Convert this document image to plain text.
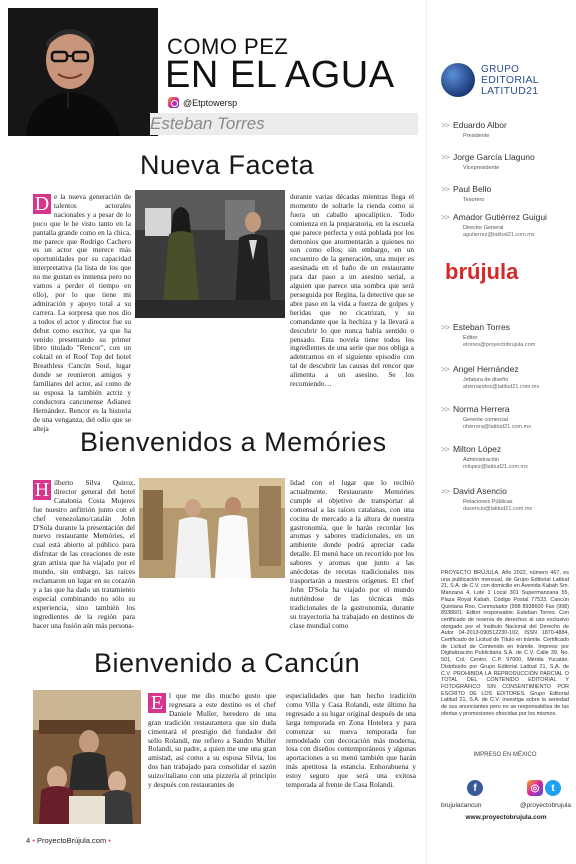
COMO PEZ
EN EL AGUA
@Etptowersp
Esteban Torres
Nueva Faceta
D e la nueva generación de talentos actorales nacionales y a pesar de lo poco que le he visto tanto en la pantalla grande como en la chica, me parece que Rodrigo Cachero es un actor que merece más oportunidades por su capacidad interpretativa (la lista de los que no me gustan es inmensa pero no vamos a perder el tiempo en ello), por lo que tiene mi admiración y apoyo total a su carrera. La sorpresa que nos dio a todos el actor y director fue su debut como escritor, ya que ha venido presentando su primer libro titulado "Rencor", con un coktail en el Roof Top del hotel Breathless Cancún Soul, lugar donde se reunieron amigos y familiares del actor, así como de su esposa la también actriz y conductora cancunense Adianez Hernández. Rencor es la historia de una venganza, del odio que se alteja
durante varias décadas mientras llega el momento de soltarle la rienda como si fuera un caballo apocalíptico. Todo comienza en la preparatoria, en la escuela que parece perfecta y está poblada por los demonios que atormentarán a quienes no son como ellos; sin embargo, en un encuentro de la generación, una mujer es asesinada en el baño de un restaurante para dar paso a un asesino serial, a alguien que parece una sombra que será perseguida por Regina, la detective que se abre paso en la vida a fuerza de golpes y heridas que no cicatrizan, y su comandante que la hechiza y la llevará a descubrir lo que nunca había sentido o pensado. Esta novela tiene todos los ingredientes de una serie que nos obliga a adentrarnos en el siguiente episodio con tal de descubrir las causas del rencor que alimenta a un asesino. Se los recomiendo…
Bienvenidos a Memóries
H ilberto Silva Quiroz, director general del hotel Catalonia Costa Mujeres fue nuestro anfitrión junto con el chef venezolano/catalán John D'Sola durante la presentación del nuevo restaurante Memóries, el cual está abierto al público para disfrutar de las creaciones de este gran artista que ha viajado por el mundo, sin embargo, las raíces reclamaron un lugar en su corazón y a las que ha dado un tratamiento especial combinando no sólo su experiencia, sino también los ingredientes de la región para hacer una fusión aún más persona-
lidad con el lugar que lo recibió actualmente. Restaurante Memóries cumple el objetivo de transportar al comensal a las raíces catalanas, con una cocina de mercado a la altura de nuestra gastronomía, que le harán recordar los aromas y sabores tradicionales, en un ambiente donde podrá apreciar cada detalle. El menú hace un recorrido por los sabores y aromas que junto a las anécdotas de recetas tradicionales nos trasportarán a nuestros orígenes. El chef John D'Sola ha viajado por el mundo nutriéndose de las técnicas más tradicionales de la gastronomía, durante su trayectoria ha trabajado en destinos de clase mundial como
Bienvenido a Cancún
E l que me dio mucho gusto que regresara a este destino es el chef Daniele Muller, heredero de una gran tradición restaurantera que sin duda cimentará el prestigio del fundador del sello Rolandi, me refiero a Sandro Muller Rolandi, su padre, a quien me une una gran amistad, así como a su esposa Silvia, los dos han trabajado para consolidar el sazón suizo/italiano con una pizzería al principio y después con restaurantes de
especialidades que han hecho tradición como Villa y Casa Rolandi, este último ha regresado a su lugar original después de una larga temporada en Zona Hotelera y para comenzar su nueva temporada fue remodelado con decoración más moderna, losa con diseños contemporáneos y algunas aportaciones a su menú también que harán más apetitosa la estancia. Enhorabuena y estoy seguro que será una exitosa temporada al frente de Casa Rolandi.
4 • ProyectoBrújula.com •
GRUPO
EDITORIAL
LATITUD21
>> Eduardo Albor
Presidente
>> Jorge García Llaguno
Vicepresidente
>> Paul Bello
Tesorero
>> Amador Gutiérrez Guigui
Director General
agutierrez@latitud21.com.mx
brújula
>> Esteban Torres
Editor
etorres@proyectobrujula.com
>> Angel Hernández
Jefatura de diseño
ahernandez@latitud21.com.mx
>> Norma Herrera
Gerente comercial
nherrera@latitud21.com.mx
>> Milton López
Administración
mlopez@latitud21.com.mx
>> David Asencio
Relaciones Públicas
dasencio@latitud21.com.mx
PROYECTO BRÚJULA, Año 2022, número 467, es una publicación mensual, de Grupo Editorial Latitud 21, S.A. de C.V. con domicilio en Avenida Kabah Sm. Manzana 4, Lote 1 Local 301 Supermanzana 55, Plaza Royal Kabah, Código Postal 77533, Cancún Quintana Roo, Conmutador (998 8938600 Fax (998) 8938601. Editor responsable, Esteban Torres. Con certificado de reserva de derechos al uso exclusivo otorgado por el Instituto Nacional del Derecho de Autor 04-2013-090512230-102, ISSN 1870-4884, Certificado de Licitud de Título en trámite. Certificado de Licitud de Contenido en trámite. Impreso por Digitalización Publicitaria S.A. de C.V. Calle 39, No. 501, Col. Centro, C.P. 97000, Mérida Yucatán. Distribuido por Grupo Editorial Latitud 21, S.A. de C.V. PROHIBIDA LA REPRODUCCIÓN PARCIAL O TOTAL DEL CONTENIDO EDITORIAL Y FOTOGRÁFICO SIN CONSENTIMIENTO POR ESCRITO DE LOS EDITORES. Grupo Editorial Latitud 21, S.A. de C.V. Investiga sobre la seriedad de sus anunciantes pero no se responsabiliza de las ofertas y promociones ofrecidas por los mismos.
IMPRESO EN MÉXICO
f	◎	t
brujulacancun	@proyectobrujula
www.proyectobrujula.com
